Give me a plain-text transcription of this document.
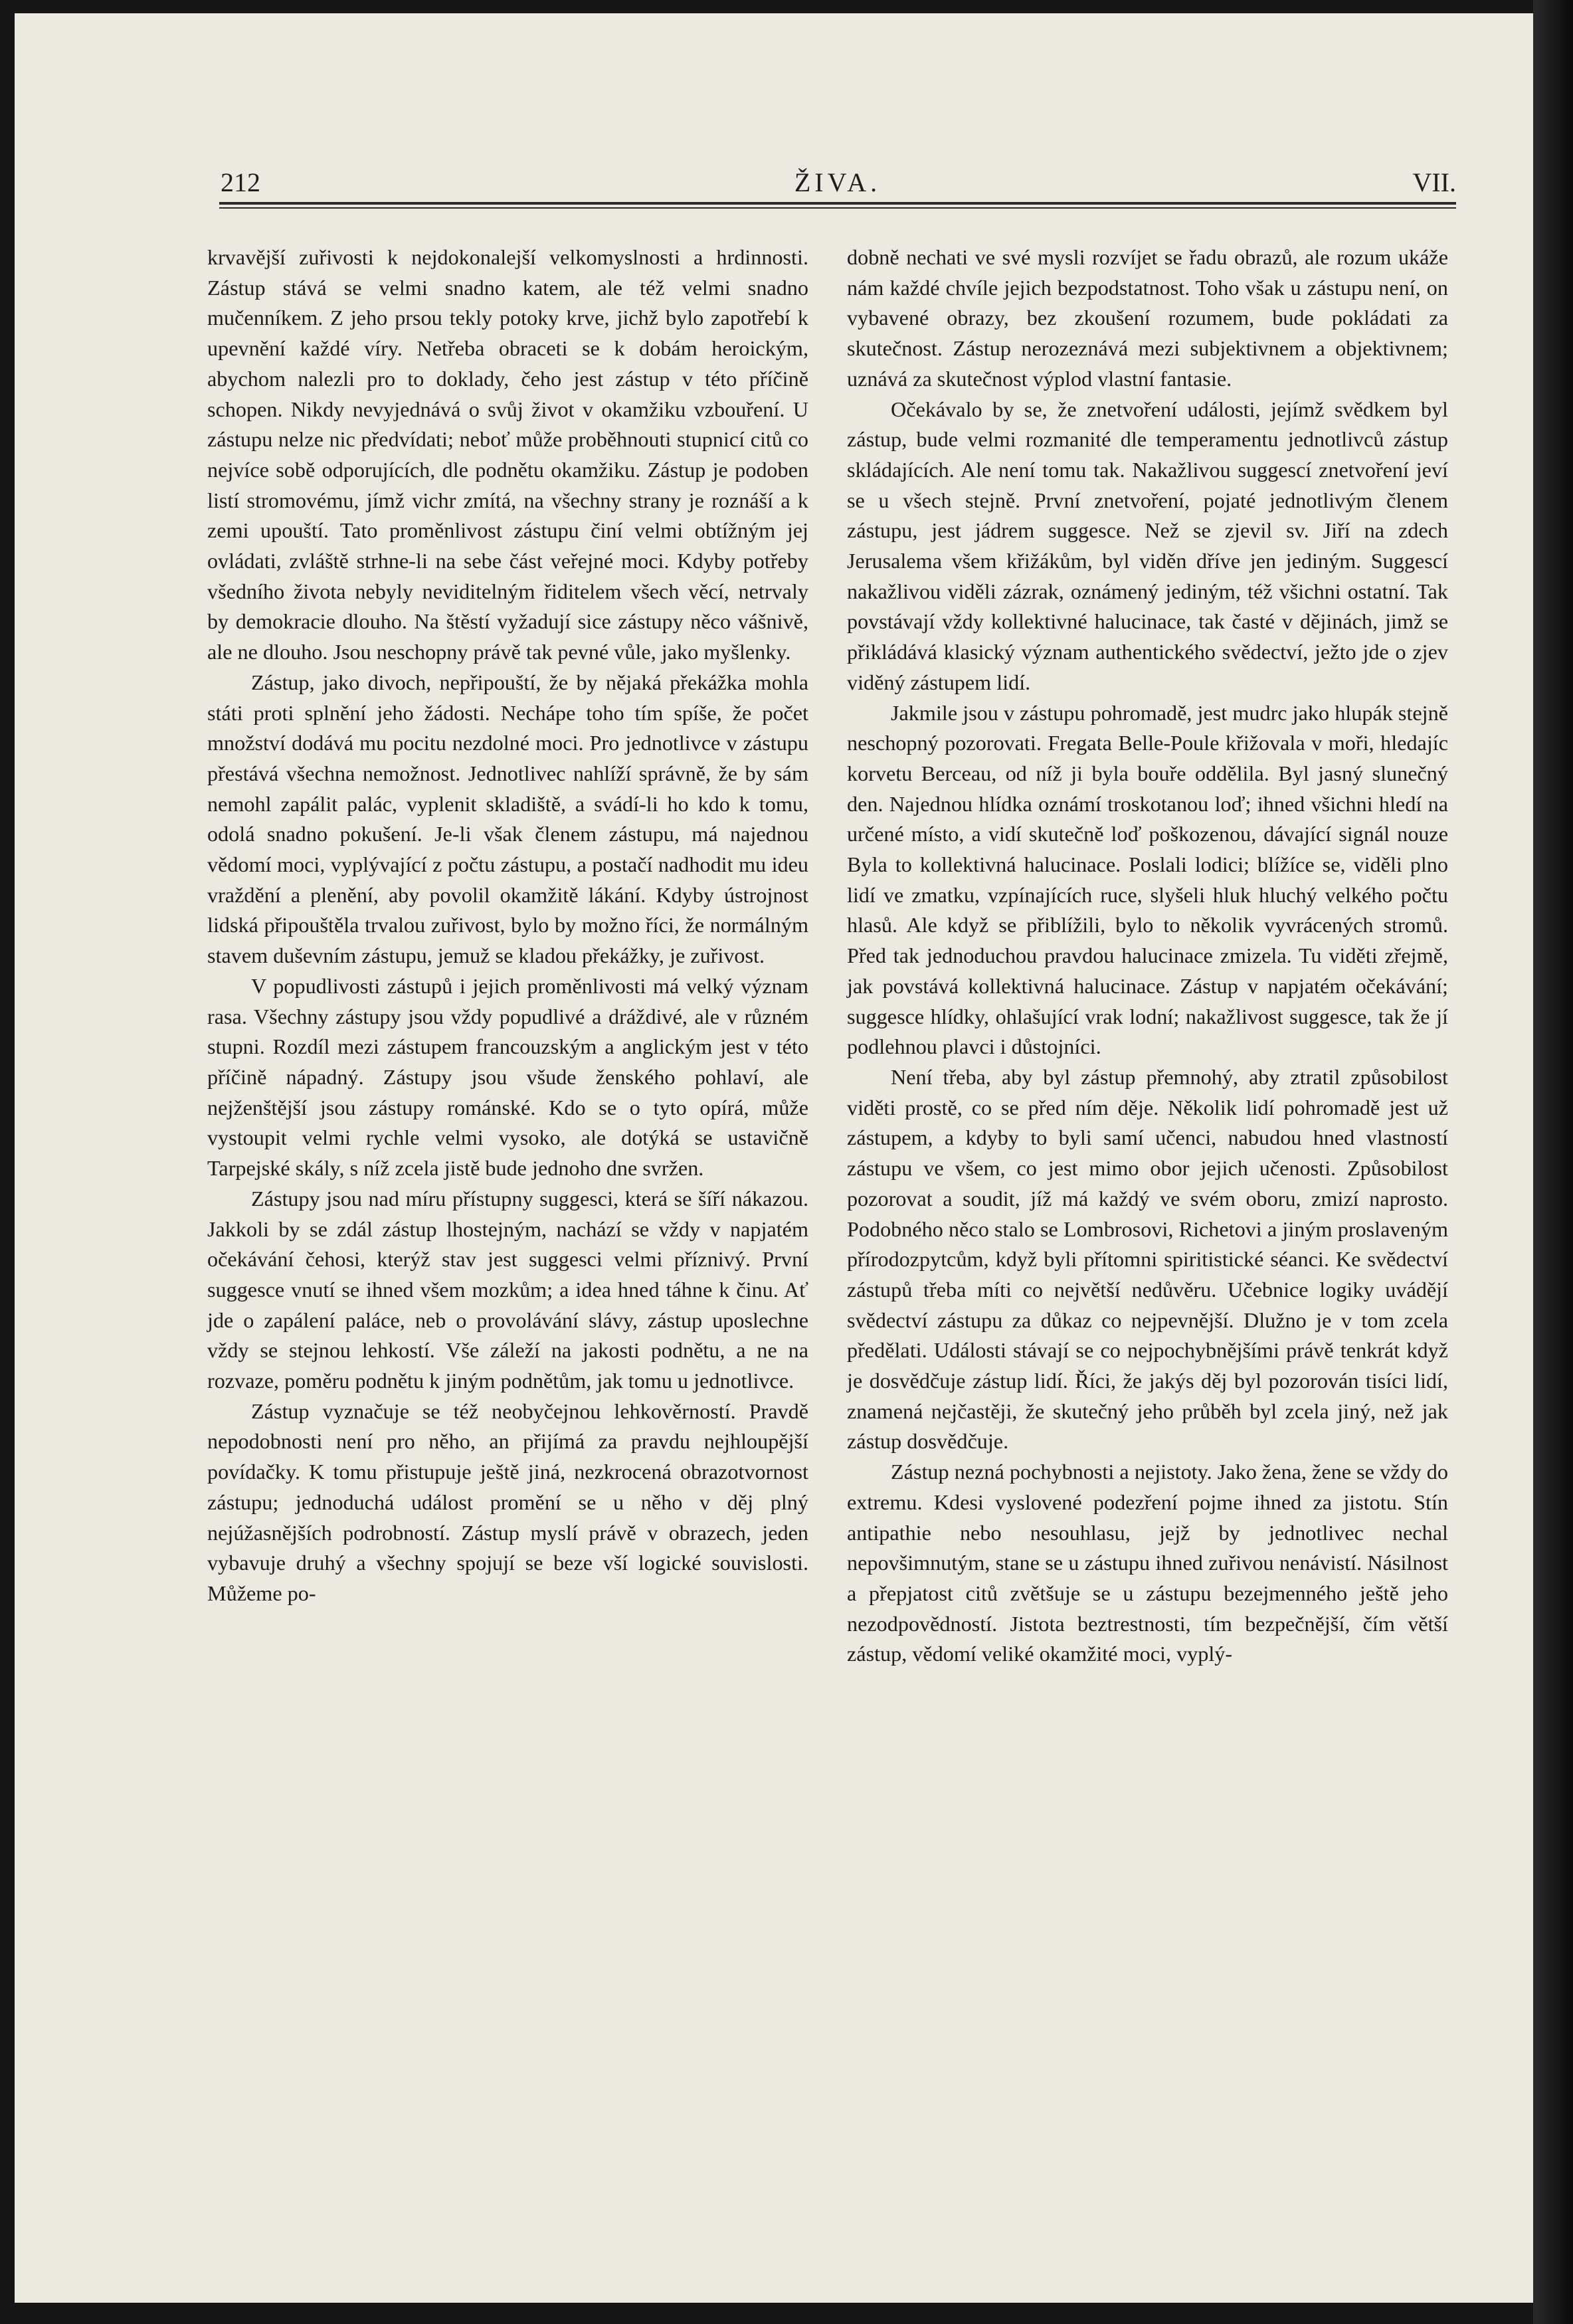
ŽIVA.
212	VII.

krvavější zuřivosti k nejdokonalejší velkomyslnosti a hrdinnosti. Zástup stává se velmi snadno katem, ale též velmi snadno mučenníkem. Z jeho prsou tekly potoky krve, jichž bylo zapotřebí k upevnění každé víry. Netřeba obraceti se k dobám heroickým, abychom nalezli pro to doklady, čeho jest zástup v této příčině schopen. Nikdy nevyjednává o svůj život v okamžiku vzbouření. U zástupu nelze nic předvídati; neboť může proběhnouti stupnicí citů co nejvíce sobě odporujících, dle podnětu okamžiku. Zástup je podoben listí stromovému, jímž vichr zmítá, na všechny strany je roznáší a k zemi upouští. Tato proměnlivost zástupu činí velmi obtížným jej ovládati, zvláště strhne-li na sebe část veřejné moci. Kdyby potřeby všedního života nebyly neviditelným řiditelem všech věcí, netrvaly by demokracie dlouho. Na štěstí vyžadují sice zástupy něco vášnivě, ale ne dlouho. Jsou neschopny právě tak pevné vůle, jako myšlenky.

Zástup, jako divoch, nepřipouští, že by nějaká překážka mohla státi proti splnění jeho žádosti. Nechápe toho tím spíše, že počet množství dodává mu pocitu nezdolné moci. Pro jednotlivce v zástupu přestává všechna nemožnost. Jednotlivec nahlíží správně, že by sám nemohl zapálit palác, vyplenit skladiště, a svádí-li ho kdo k tomu, odolá snadno pokušení. Je-li však členem zástupu, má najednou vědomí moci, vyplývající z počtu zástupu, a postačí nadhodit mu ideu vraždění a plenění, aby povolil okamžitě lákání. Kdyby ústrojnost lidská připouštěla trvalou zuřivost, bylo by možno říci, že normálným stavem duševním zástupu, jemuž se kladou překážky, je zuřivost.

V popudlivosti zástupů i jejich proměnlivosti má velký význam rasa. Všechny zástupy jsou vždy popudlivé a dráždivé, ale v různém stupni. Rozdíl mezi zástupem francouzským a anglickým jest v této příčině nápadný. Zástupy jsou všude ženského pohlaví, ale nejženštější jsou zástupy románské. Kdo se o tyto opírá, může vystoupit velmi rychle velmi vysoko, ale dotýká se ustavičně Tarpejské skály, s níž zcela jistě bude jednoho dne svržen.

Zástupy jsou nad míru přístupny suggesci, která se šíří nákazou. Jakkoli by se zdál zástup lhostejným, nachází se vždy v napjatém očekávání čehosi, kterýž stav jest suggesci velmi příznivý. První suggesce vnutí se ihned všem mozkům; a idea hned táhne k činu. Ať jde o zapálení paláce, neb o provolávání slávy, zástup uposlechne vždy se stejnou lehkostí. Vše záleží na jakosti podnětu, a ne na rozvaze, poměru podnětu k jiným podnětům, jak tomu u jednotlivce.

Zástup vyznačuje se též neobyčejnou lehkověrností. Pravdě nepodobnosti není pro něho, an přijímá za pravdu nejhloupější povídačky. K tomu přistupuje ještě jiná, nezkrocená obrazotvornost zástupu; jednoduchá událost promění se u něho v děj plný nejúžasnějších podrobností. Zástup myslí právě v obrazech, jeden vybavuje druhý a všechny spojují se beze vší logické souvislosti. Můžeme po-

dobně nechati ve své mysli rozvíjet se řadu obrazů, ale rozum ukáže nám každé chvíle jejich bezpodstatnost. Toho však u zástupu není, on vybavené obrazy, bez zkoušení rozumem, bude pokládati za skutečnost. Zástup nerozeznává mezi subjektivnem a objektivnem; uznává za skutečnost výplod vlastní fantasie.

Očekávalo by se, že znetvoření události, jejímž svědkem byl zástup, bude velmi rozmanité dle temperamentu jednotlivců zástup skládajících. Ale není tomu tak. Nakažlivou suggescí znetvoření jeví se u všech stejně. První znetvoření, pojaté jednotlivým členem zástupu, jest jádrem suggesce. Než se zjevil sv. Jiří na zdech Jerusalema všem křižákům, byl viděn dříve jen jediným. Suggescí nakažlivou viděli zázrak, oznámený jediným, též všichni ostatní. Tak povstávají vždy kollektivné halucinace, tak časté v dějinách, jimž se přikládává klasický význam authentického svědectví, ježto jde o zjev viděný zástupem lidí.

Jakmile jsou v zástupu pohromadě, jest mudrc jako hlupák stejně neschopný pozorovati. Fregata Belle-Poule křižovala v moři, hledajíc korvetu Berceau, od níž ji byla bouře oddělila. Byl jasný slunečný den. Najednou hlídka oznámí troskotanou loď; ihned všichni hledí na určené místo, a vidí skutečně loď poškozenou, dávající signál nouze Byla to kollektivná halucinace. Poslali lodici; blížíce se, viděli plno lidí ve zmatku, vzpínajících ruce, slyšeli hluk hluchý velkého počtu hlasů. Ale když se přiblížili, bylo to několik vyvrácených stromů. Před tak jednoduchou pravdou halucinace zmizela. Tu viděti zřejmě, jak povstává kollektivná halucinace. Zástup v napjatém očekávání; suggesce hlídky, ohlašující vrak lodní; nakažlivost suggesce, tak že jí podlehnou plavci i důstojníci.

Není třeba, aby byl zástup přemnohý, aby ztratil způsobilost viděti prostě, co se před ním děje. Několik lidí pohromadě jest už zástupem, a kdyby to byli samí učenci, nabudou hned vlastností zástupu ve všem, co jest mimo obor jejich učenosti. Způsobilost pozorovat a soudit, jíž má každý ve svém oboru, zmizí naprosto. Podobného něco stalo se Lombrosovi, Richetovi a jiným proslaveným přírodozpytcům, když byli přítomni spiritistické séanci. Ke svědectví zástupů třeba míti co největší nedůvěru. Učebnice logiky uvádějí svědectví zástupu za důkaz co nejpevnější. Dlužno je v tom zcela předělati. Události stávají se co nejpochybnějšími právě tenkrát když je dosvědčuje zástup lidí. Říci, že jakýs děj byl pozorován tisíci lidí, znamená nejčastěji, že skutečný jeho průběh byl zcela jiný, než jak zástup dosvědčuje.

Zástup nezná pochybnosti a nejistoty. Jako žena, žene se vždy do extremu. Kdesi vyslovené podezření pojme ihned za jistotu. Stín antipathie nebo nesouhlasu, jejž by jednotlivec nechal nepovšimnutým, stane se u zástupu ihned zuřivou nenávistí. Násilnost a přepjatost citů zvětšuje se u zástupu bezejmenného ještě jeho nezodpovědností. Jistota beztrestnosti, tím bezpečnější, čím větší zástup, vědomí veliké okamžité moci, vyplý-
